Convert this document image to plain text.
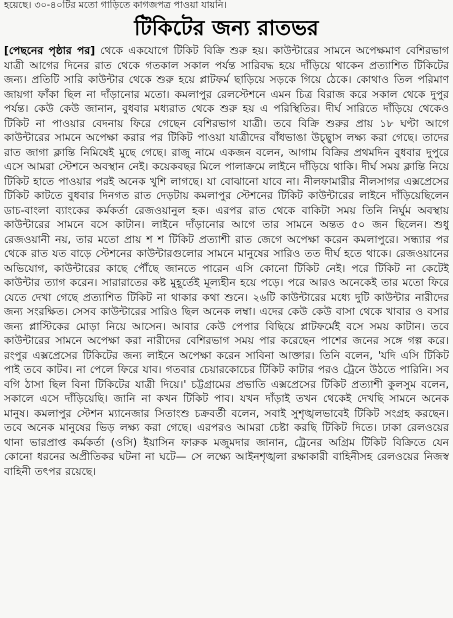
হয়েছে। ৩০-৪০টির মতো গাড়িতে কাগজপত্র পাওয়া যায়নি।
টিকিটের জন্য রাতভর
[পেছনের পৃষ্ঠার পর] থেকে একযোগে টিকিট বিক্রি শুরু হয়। কাউন্টারের সামনে অপেক্ষমাণ বেশিরভাগ যাত্রী আগের দিনের রাত থেকে গতকাল সকাল পর্যন্ত সারিবদ্ধ হয়ে দাঁড়িয়ে থাকেন প্রত্যাশিত টিকিটের জন্য। প্রতিটি সারি কাউন্টার থেকে শুরু হয়ে প্লাটফর্ম ছাড়িয়ে সড়কে গিয়ে ঠেকে। কোথাও তিল পরিমাণ জায়গা ফাঁকা ছিল না দাঁড়ানোর মতো। কমলাপুর রেলস্টেশনে এমন চিত্র বিরাজ করে সকাল থেকে দুপুর পর্যন্ত। কেউ কেউ জানান, বুধবার মধ্যরাত থেকে শুরু হয় এ পরিস্থিতির। দীর্ঘ সারিতে দাঁড়িয়ে থেকেও টিকিট না পাওয়ার বেদনায় ফিরে গেছেন বেশিরভাগ যাত্রী। তবে বিক্রি শুরুর প্রায় ১৮ ঘণ্টা আগে কাউন্টারের সামনে অপেক্ষা করার পর টিকিট পাওয়া যাত্রীদের বাঁধভাঙা উচ্ছ্বাস লক্ষ্য করা গেছে। তাদের রাত জাগা ক্লান্তি নিমিষেই মুছে গেছে। রাজু নামে একজন বলেন, আগাম বিক্রির প্রথমদিন বুধবার দুপুরে এসে আমরা স্টেশনে অবস্থান নেই। কয়েকবছর মিলে পালাক্রমে লাইনে দাঁড়িয়ে থাকি। দীর্ঘ সময় ক্লান্তি নিয়ে টিকিট হাতে পাওয়ার পরই অনেক খুশি লাগছে। যা বোঝানো যাবে না। নীলফামারীর নীলসাগর এক্সপ্রেসের টিকিট কাটতে বুধবার দিনগত রাত দেড়টায় কমলাপুর স্টেশনের টিকিট কাউন্টারের লাইনে দাঁড়িয়েছিলেন ডাচ-বাংলা ব্যাংকের কর্মকর্তা রেজওয়ানুল হক। এরপর রাত থেকে বাকিটা সময় তিনি নির্ঘুম অবস্থায় কাউন্টারের সামনে বসে কাটান। লাইনে দাঁড়ানোর আগে তার সামনে অন্তত ৫০ জন ছিলেন। শুধু রেজওয়ানী নয়, তার মতো প্রায় শ শ টিকিট প্রত্যাশী রাত জেগে অপেক্ষা করেন কমলাপুরে। সন্ধ্যার পর থেকে রাত যত বাড়ে স্টেশনের কাউন্টারগুলোর সামনে মানুষের সারিও তত দীর্ঘ হতে থাকে। রেজওয়ানের অভিযোগ, কাউন্টারের কাছে পৌঁছে জানতে পারেন এসি কোনো টিকিট নেই। পরে টিকিট না কেটেই কাউন্টার ত্যাগ করেন। সারারাতের কষ্ট মুহূর্তেই মূল্যহীন হয়ে পড়ে। পরে আরও অনেকেই তার মতো ফিরে যেতে দেখা গেছে প্রত্যাশিত টিকিট না থাকার কথা শুনে। ২৬টি কাউন্টারের মধ্যে দুটি কাউন্টার নারীদের জন্য সংরক্ষিত। সেসব কাউন্টারের সারিও ছিল অনেক লম্বা। এদের কেউ কেউ বাসা থেকে খাবার ও বসার জন্য প্লাস্টিকের মোড়া নিয়ে আসেন। আবার কেউ পেপার বিছিয়ে প্লাটফর্মেই বসে সময় কাটান। তবে কাউন্টারের সামনে অপেক্ষা করা নারীদের বেশিরভাগ সময় পার করেছেন পাশের জনের সঙ্গে গল্প করে। রংপুর এক্সপ্রেসের টিকিটের জন্য লাইনে অপেক্ষা করেন সাবিনা আক্তার। তিনি বলেন, 'যদি এসি টিকিট পাই তবে কাটব। না পেলে ফিরে যাব। গতবার চেয়ারকোচের টিকিট কাটার পরও ট্রেনে উঠতে পারিনি। সব বগি ঠাসা ছিল বিনা টিকিটের যাত্রী দিয়ে।' চট্টগ্রামের প্রভাতি এক্সপ্রেসের টিকিট প্রত্যাশী কুলসুম বলেন, সকালে এসে দাঁড়িয়েছি। জানি না কখন টিকিট পাব। যখন দাঁড়াই তখন থেকেই দেখছি সামনে অনেক মানুষ। কমলাপুর স্টেশন ম্যানেজার সিতাংশু চক্রবর্তী বলেন, সবাই সুশৃঙ্খলভাবেই টিকিট সংগ্রহ করছেন। তবে অনেক মানুষের ভিড় লক্ষ্য করা গেছে। এরপরও আমরা চেষ্টা করছি টিকিট দিতে। ঢাকা রেলওয়ের থানা ভারপ্রাপ্ত কর্মকর্তা (ওসি) ইয়াসিন ফারুক মজুমদার জানান, ট্রেনের অগ্রিম টিকিট বিক্রিতে যেন কোনো ধরনের অপ্রীতিকর ঘটনা না ঘটে— সে লক্ষ্যে আইনশৃঙ্খলা রক্ষাকারী বাহিনীসহ রেলওয়ের নিজস্ব বাহিনী তৎপর রয়েছে।
